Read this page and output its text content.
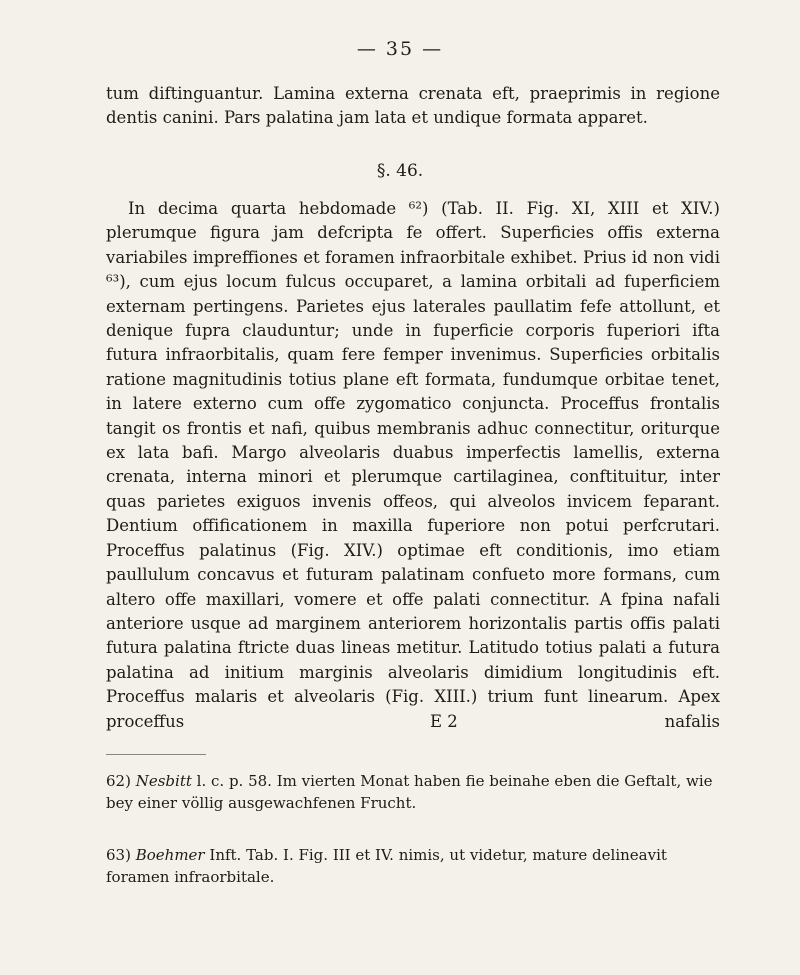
— 35 —
tum diftinguantur. Lamina externa crenata eft, praeprimis in regione dentis canini. Pars palatina jam lata et undique formata apparet.
§. 46.

In decima quarta hebdomade ⁶²) (Tab. II. Fig. XI, XIII et XIV.) plerumque figura jam defcripta fe offert. Superficies offis externa variabiles impreffiones et foramen infraorbitale exhibet. Prius id non vidi ⁶³), cum ejus locum fulcus occuparet, a lamina orbitali ad fuperficiem externam pertingens. Parietes ejus laterales paullatim fefe attollunt, et denique fupra clauduntur; unde in fuperficie corporis fuperiori ifta futura infraorbitalis, quam fere femper invenimus. Superficies orbitalis ratione magnitudinis totius plane eft formata, fundumque orbitae tenet, in latere externo cum offe zygomatico conjuncta. Proceffus frontalis tangit os frontis et nafi, quibus membranis adhuc connectitur, oriturque ex lata bafi. Margo alveolaris duabus imperfectis lamellis, externa crenata, interna minori et plerumque cartilaginea, conftituitur, inter quas parietes exiguos invenis offeos, qui alveolos invicem feparant. Dentium offificationem in maxilla fuperiore non potui perfcrutari. Proceffus palatinus (Fig. XIV.) optimae eft conditionis, imo etiam paullulum concavus et futuram palatinam confueto more formans, cum altero offe maxillari, vomere et offe palati connectitur. A fpina nafali anteriore usque ad marginem anteriorem horizontalis partis offis palati futura palatina ftricte duas lineas metitur. Latitudo totius palati a futura palatina ad initium marginis alveolaris dimidium longitudinis eft. Proceffus malaris et alveolaris (Fig. XIII.) trium funt linearum. Apex proceffus	E 2	nafalis

62) Nesbitt l. c. p. 58. Im vierten Monat haben fie beinahe eben die Geftalt, wie bey einer völlig ausgewachfenen Frucht.

63) Boehmer Inft. Tab. I. Fig. III et IV. nimis, ut videtur, mature delineavit foramen infraorbitale.
